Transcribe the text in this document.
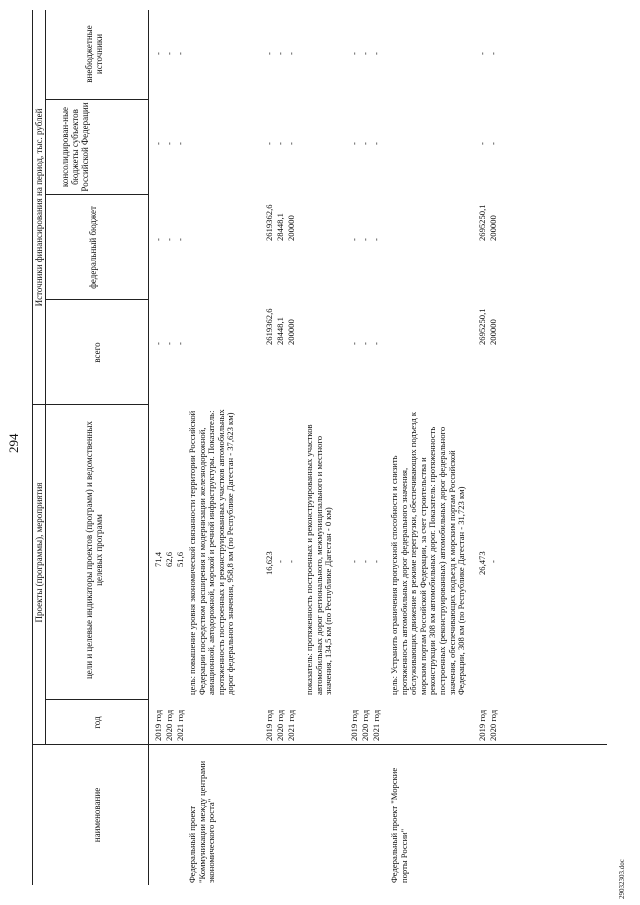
294
29032303.doc
Проекты (программы), мероприятия
Источники финансирования на период, тыс. рублей
наименование
год
цели и целевые индикаторы проектов (программ) и ведомственных целевых программ
всего
федеральный бюджет
консолидирован-ные бюджеты субъектов Российской Федерации
внебюджетные источники
2019 год 2020 год 2021 год
71,4 62,6 51,6
- - -
- - -
- - -
- - -
Федеральный проект "Коммуникации между центрами экономического роста"
цель: повышение уровня экономической связанности территории Российской Федерации посредством расширения и модернизации железнодорожной, авиационной, автодорожной, морской и речной инфраструктуры. Показатель: протяженность построенных и реконструированных участков автомобильных дорог федерального значения, 958,8 км (по Республике Дагестан - 37,623 км)
2019 год 2020 год 2021 год
16,623 - -
2619362,6 28448,1 200000
2619362,6 28448,1 200000
- - -
- - -
показатель: протяженность построенных и реконструированных участков автомобильных дорог регионального, межмуниципального и местного значения, 134,5 км (по Республике Дагестан - 0 км)
2019 год 2020 год 2021 год
- - -
- - -
- - -
- - -
- - -
Федеральный проект "Морские порты России"
цель: Устранить ограничения пропускной способности и снизить протяженность автомобильных дорог федерального значения, обслуживающих движение в режиме перегрузки, обеспечивающих подъезд к морским портам Российской Федерации, за счет строительства и реконструкции 308 км автомобильных дорог. Показатель: протяженность построенных (реконструированных) автомобильных дорог федерального значения, обеспечивающих подъезд к морским портам Российской Федерации, 308 км (по Республике Дагестан - 31,723 км)
2019 год 2020 год
26,473 -
2695250,1 200000
2695250,1 200000
- -
- -
